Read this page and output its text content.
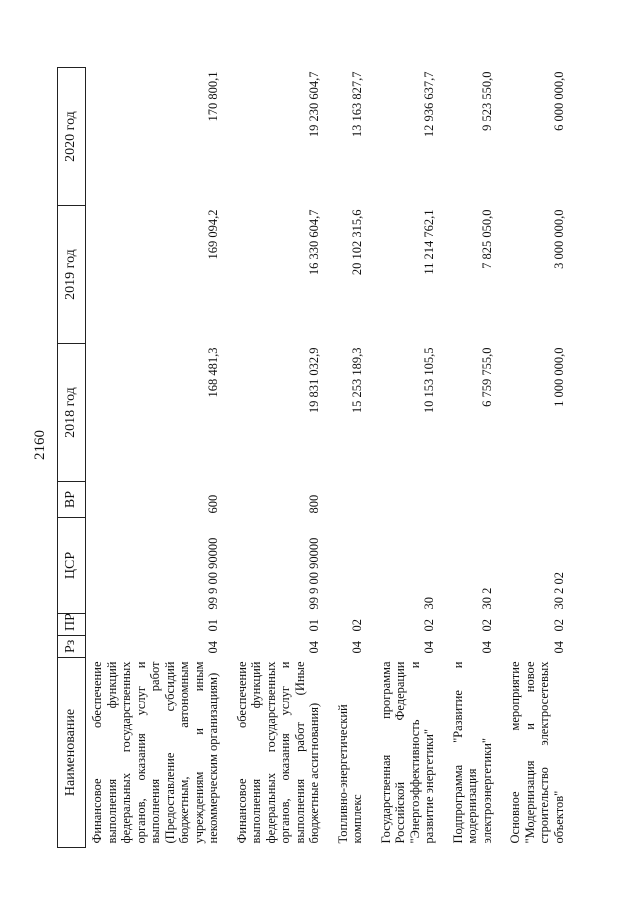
2160
Наименование	Рз	ПР	ЦСР	ВР	2018 год	2019 год	2020 год
Финансовое обеспечение выполнения функций федеральных государственных органов, оказания услуг и выполнения работ (Предоставление субсидий бюджетным, автономным учреждениям и иным некоммерческим организациям)	04	01	99 9 00 90000	600	168 481,3	169 094,2	170 800,1
Финансовое обеспечение выполнения функций федеральных государственных органов, оказания услуг и выполнения работ (Иные бюджетные ассигнования)	04	01	99 9 00 90000	800	19 831 032,9	16 330 604,7	19 230 604,7
Топливно-энергетический комплекс	04	02			15 253 189,3	20 102 315,6	13 163 827,7
Государственная программа Российской Федерации "Энергоэффективность и развитие энергетики"	04	02	30		10 153 105,5	11 214 762,1	12 936 637,7
Подпрограмма "Развитие и модернизация электроэнергетики"	04	02	30 2		6 759 755,0	7 825 050,0	9 523 550,0
Основное мероприятие "Модернизация и новое строительство электросетевых объектов"	04	02	30 2 02		1 000 000,0	3 000 000,0	6 000 000,0
